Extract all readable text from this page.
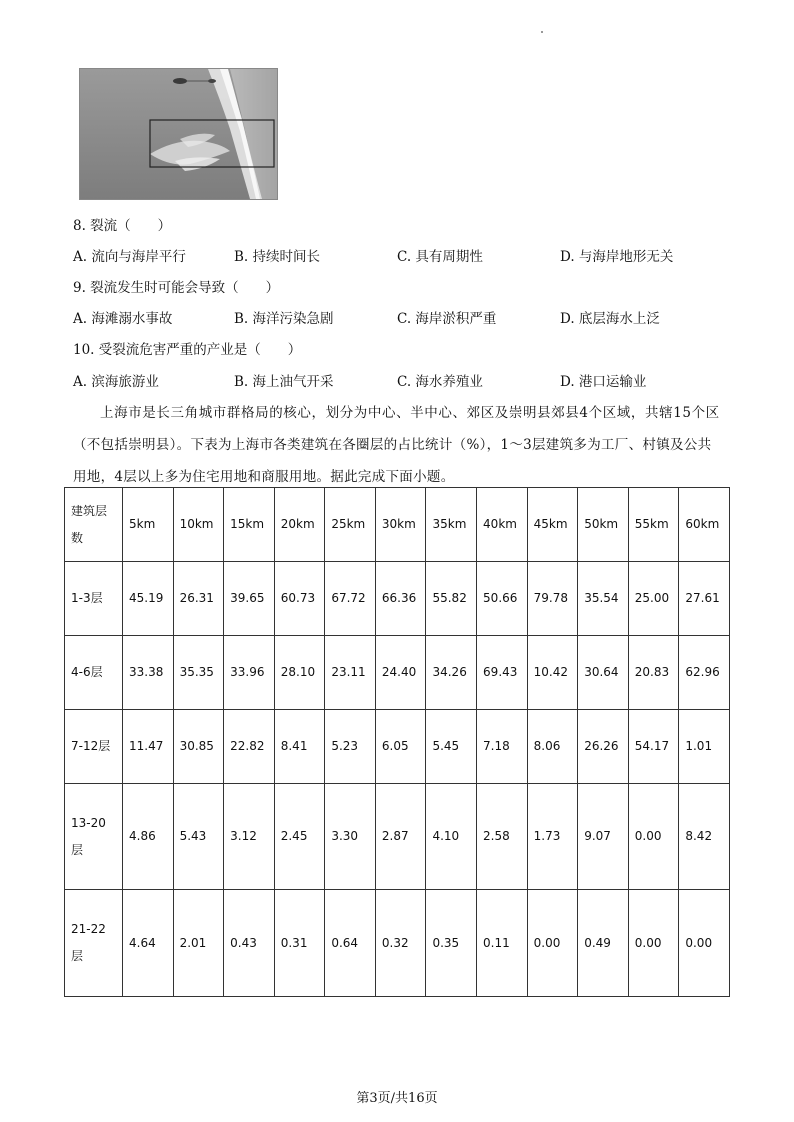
8. 裂流（　　）
A. 流向与海岸平行	B. 持续时间长	C. 具有周期性	D. 与海岸地形无关
9. 裂流发生时可能会导致（　　）
A. 海滩溺水事故	B. 海洋污染急剧	C. 海岸淤积严重	D. 底层海水上泛
10. 受裂流危害严重的产业是（　　）
A. 滨海旅游业	B. 海上油气开采	C. 海水养殖业	D. 港口运输业

上海市是长三角城市群格局的核心，划分为中心、半中心、郊区及崇明县郊县4个区域，共辖15个区

（不包括崇明县）。下表为上海市各类建筑在各圈层的占比统计（%），1～3层建筑多为工厂、村镇及公共

用地，4层以上多为住宅用地和商服用地。据此完成下面小题。

建筑层数	5km	10km	15km	20km	25km	30km	35km	40km	45km	50km	55km	60km
1-3层	45.19	26.31	39.65	60.73	67.72	66.36	55.82	50.66	79.78	35.54	25.00	27.61
4-6层	33.38	35.35	33.96	28.10	23.11	24.40	34.26	69.43	10.42	30.64	20.83	62.96
7-12层	11.47	30.85	22.82	8.41	5.23	6.05	5.45	7.18	8.06	26.26	54.17	1.01
13-20层	4.86	5.43	3.12	2.45	3.30	2.87	4.10	2.58	1.73	9.07	0.00	8.42
21-22层	4.64	2.01	0.43	0.31	0.64	0.32	0.35	0.11	0.00	0.49	0.00	0.00
第3页/共16页
